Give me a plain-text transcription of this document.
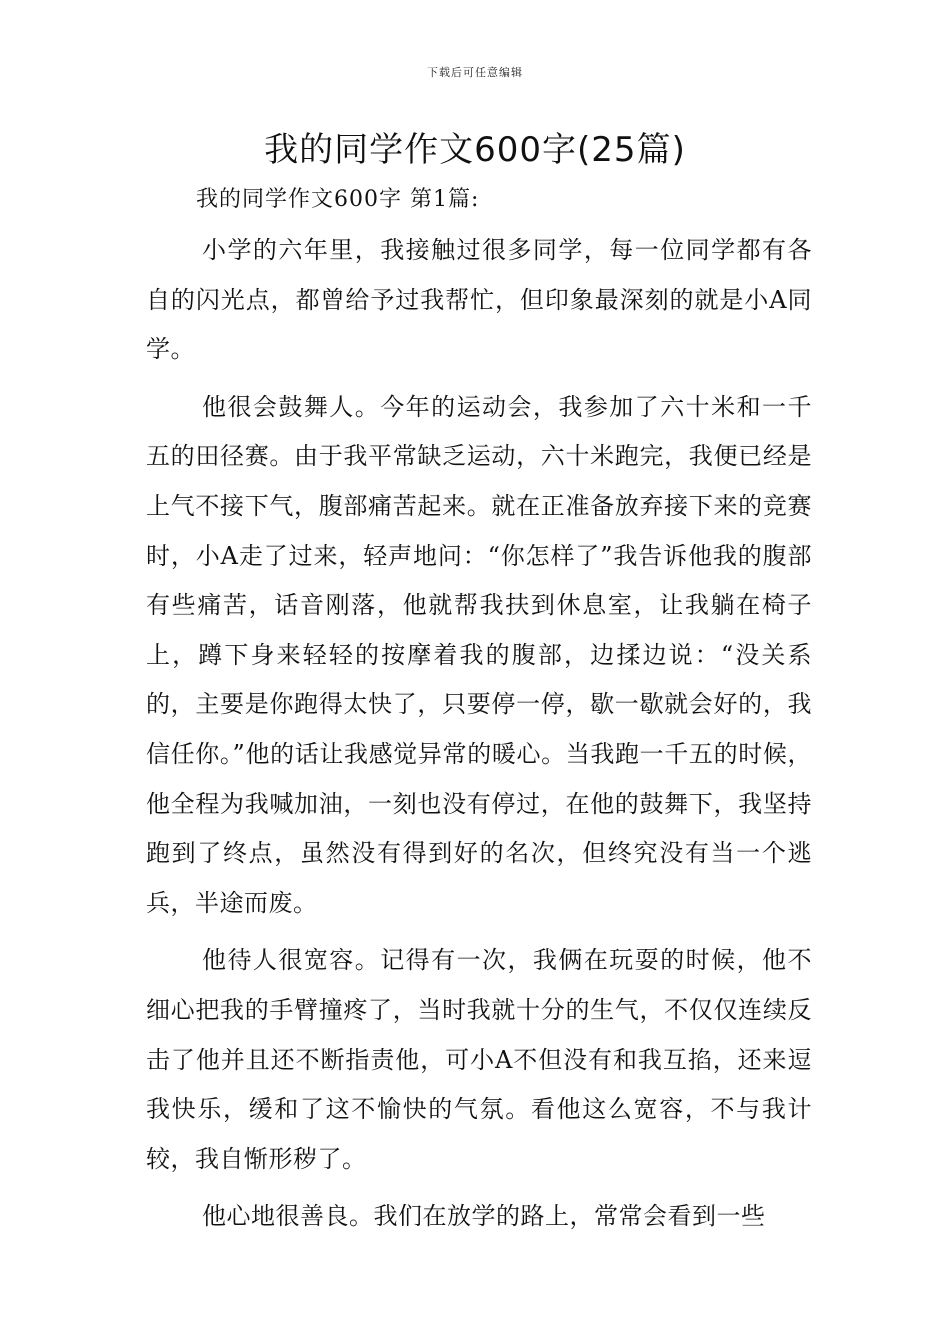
下载后可任意编辑
我的同学作文600字(25篇)
我的同学作文600字 第1篇:

小学的六年里，我接触过很多同学，每一位同学都有各自的闪光点，都曾给予过我帮忙，但印象最深刻的就是小A同学。

他很会鼓舞人。今年的运动会，我参加了六十米和一千五的田径赛。由于我平常缺乏运动，六十米跑完，我便已经是上气不接下气，腹部痛苦起来。就在正准备放弃接下来的竞赛时，小A走了过来，轻声地问：“你怎样了”我告诉他我的腹部有些痛苦，话音刚落，他就帮我扶到休息室，让我躺在椅子上，蹲下身来轻轻的按摩着我的腹部，边揉边说：“没关系的，主要是你跑得太快了，只要停一停，歇一歇就会好的，我信任你。”他的话让我感觉异常的暖心。当我跑一千五的时候，他全程为我喊加油，一刻也没有停过，在他的鼓舞下，我坚持跑到了终点，虽然没有得到好的名次，但终究没有当一个逃兵，半途而废。

他待人很宽容。记得有一次，我俩在玩耍的时候，他不细心把我的手臂撞疼了，当时我就十分的生气，不仅仅连续反击了他并且还不断指责他，可小A不但没有和我互掐，还来逗我快乐，缓和了这不愉快的气氛。看他这么宽容，不与我计较，我自惭形秽了。

他心地很善良。我们在放学的路上，常常会看到一些
